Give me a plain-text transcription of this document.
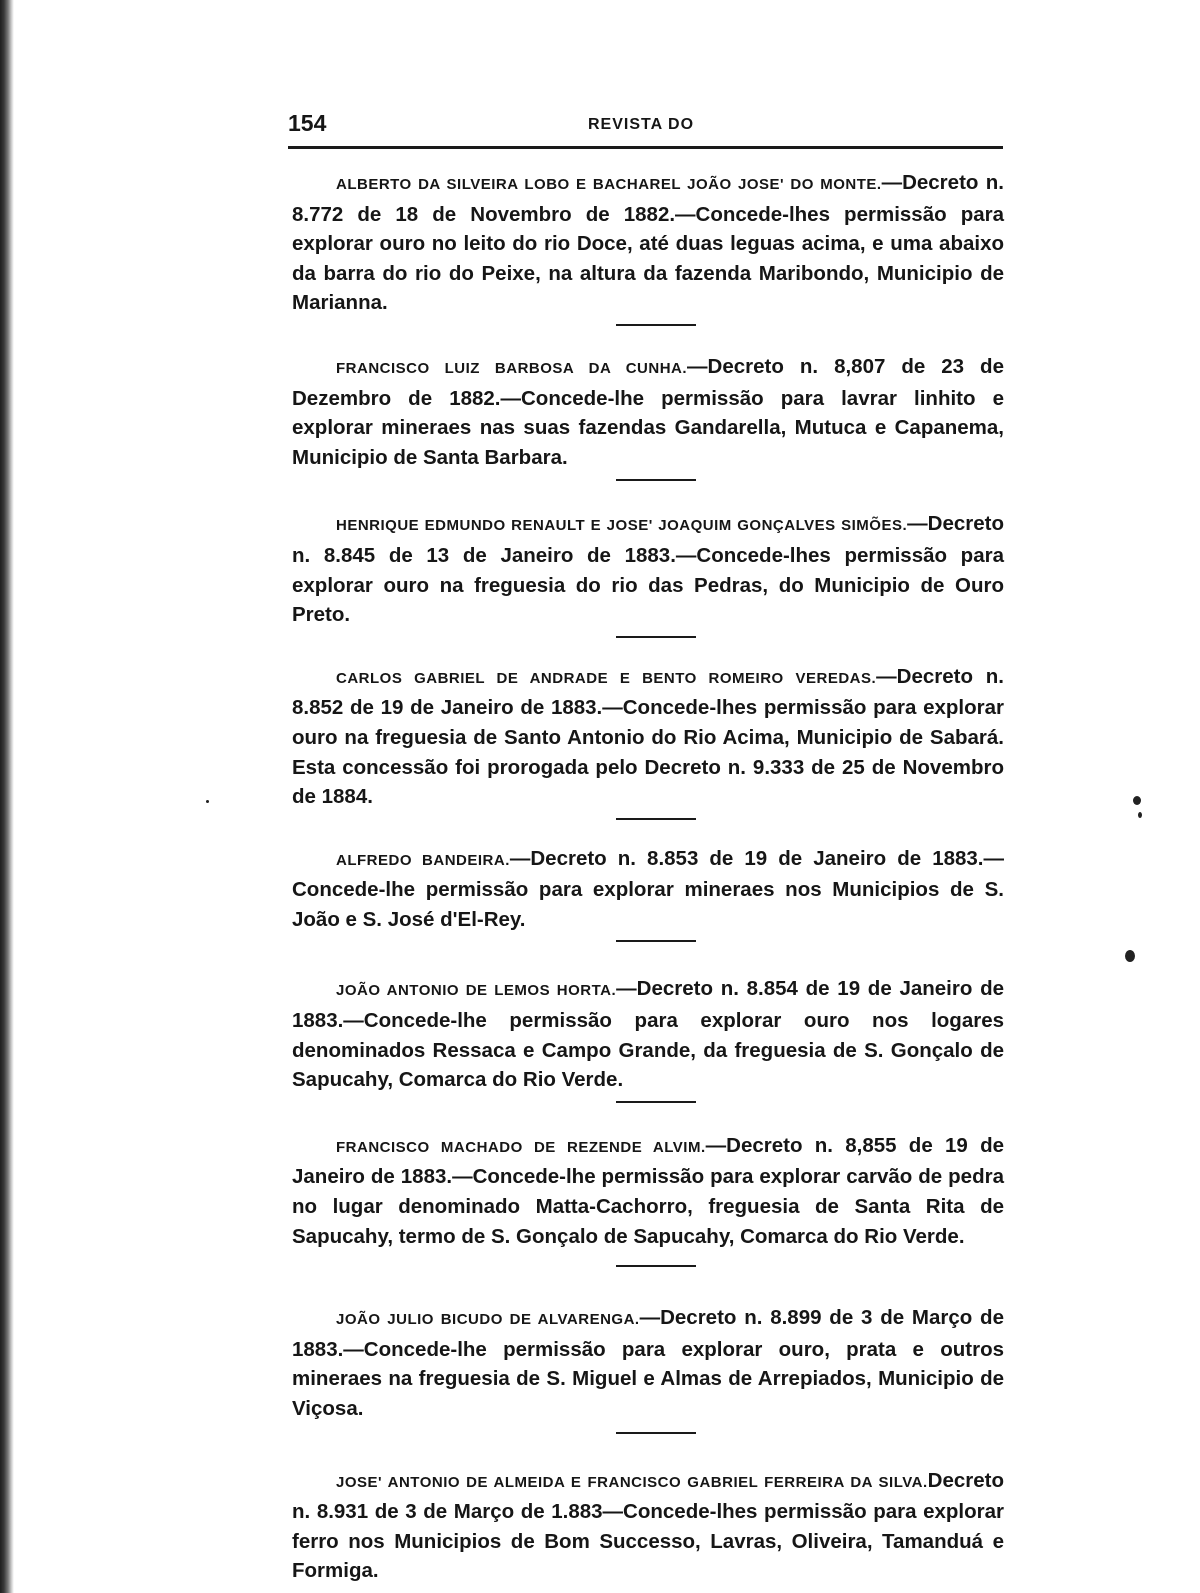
154	REVISTA DO

ALBERTO DA SILVEIRA LOBO E BACHAREL JOÃO JOSE' DO MONTE.—Decreto n. 8.772 de 18 de Novembro de 1882.—Concede-lhes permissão para explorar ouro no leito do rio Doce, até duas leguas acima, e uma abaixo da barra do rio do Peixe, na altura da fazenda Maribondo, Municipio de Marianna.

FRANCISCO LUIZ BARBOSA DA CUNHA.—Decreto n. 8,807 de 23 de Dezembro de 1882.—Concede-lhe permissão para lavrar linhito e explorar mineraes nas suas fazendas Gandarella, Mutuca e Capanema, Municipio de Santa Barbara.

HENRIQUE EDMUNDO RENAULT E JOSE' JOAQUIM GONÇALVES SIMÕES.—Decreto n. 8.845 de 13 de Janeiro de 1883.—Concede-lhes permissão para explorar ouro na freguesia do rio das Pedras, do Municipio de Ouro Preto.

CARLOS GABRIEL DE ANDRADE E BENTO ROMEIRO VEREDAS.—Decreto n. 8.852 de 19 de Janeiro de 1883.—Concede-lhes permissão para explorar ouro na freguesia de Santo Antonio do Rio Acima, Municipio de Sabará. Esta concessão foi prorogada pelo Decreto n. 9.333 de 25 de Novembro de 1884.

ALFREDO BANDEIRA.—Decreto n. 8.853 de 19 de Janeiro de 1883.—Concede-lhe permissão para explorar mineraes nos Municipios de S. João e S. José d'El-Rey.

JOÃO ANTONIO DE LEMOS HORTA.—Decreto n. 8.854 de 19 de Janeiro de 1883.—Concede-lhe permissão para explorar ouro nos logares denominados Ressaca e Campo Grande, da freguesia de S. Gonçalo de Sapucahy, Comarca do Rio Verde.

FRANCISCO MACHADO DE REZENDE ALVIM.—Decreto n. 8,855 de 19 de Janeiro de 1883.—Concede-lhe permissão para explorar carvão de pedra no lugar denominado Matta-Cachorro, freguesia de Santa Rita de Sapucahy, termo de S. Gonçalo de Sapucahy, Comarca do Rio Verde.

JOÃO JULIO BICUDO DE ALVARENGA.—Decreto n. 8.899 de 3 de Março de 1883.—Concede-lhe permissão para explorar ouro, prata e outros mineraes na freguesia de S. Miguel e Almas de Arrepiados, Municipio de Viçosa.

JOSE' ANTONIO DE ALMEIDA E FRANCISCO GABRIEL FERREIRA DA SILVA.Decreto n. 8.931 de 3 de Março de 1.883—Concede-lhes permissão para explorar ferro nos Municipios de Bom Successo, Lavras, Oliveira, Tamanduá e Formiga.
